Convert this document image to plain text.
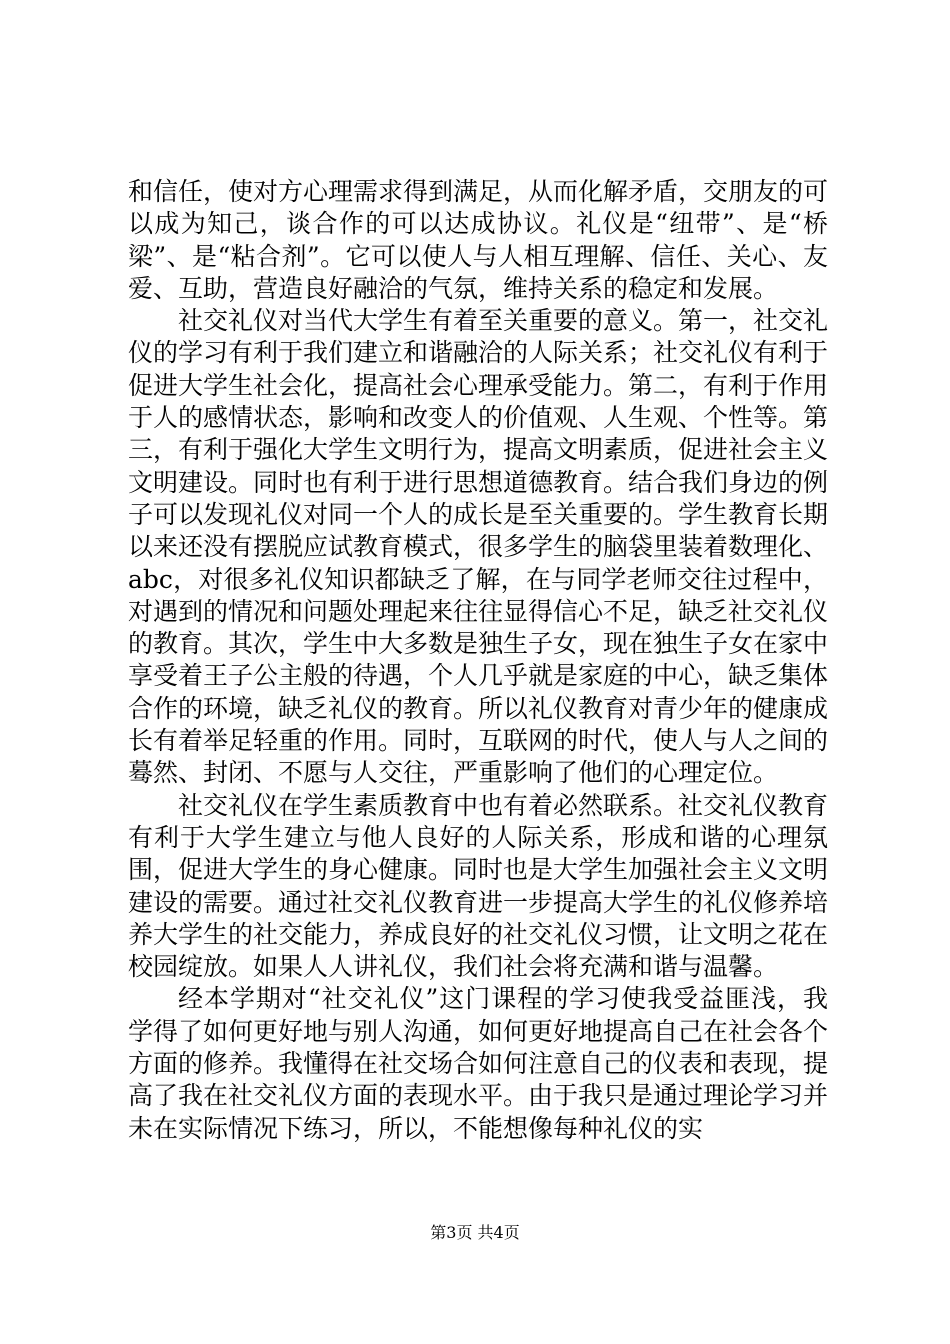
和信任，使对方心理需求得到满足，从而化解矛盾，交朋友的可以成为知己，谈合作的可以达成协议。礼仪是“纽带”、是“桥梁”、是“粘合剂”。它可以使人与人相互理解、信任、关心、友爱、互助，营造良好融洽的气氛，维持关系的稳定和发展。

社交礼仪对当代大学生有着至关重要的意义。第一，社交礼仪的学习有利于我们建立和谐融洽的人际关系；社交礼仪有利于促进大学生社会化，提高社会心理承受能力。第二，有利于作用于人的感情状态，影响和改变人的价值观、人生观、个性等。第三，有利于强化大学生文明行为，提高文明素质，促进社会主义文明建设。同时也有利于进行思想道德教育。结合我们身边的例子可以发现礼仪对同一个人的成长是至关重要的。学生教育长期以来还没有摆脱应试教育模式，很多学生的脑袋里装着数理化、abc，对很多礼仪知识都缺乏了解，在与同学老师交往过程中，对遇到的情况和问题处理起来往往显得信心不足，缺乏社交礼仪的教育。其次，学生中大多数是独生子女，现在独生子女在家中享受着王子公主般的待遇，个人几乎就是家庭的中心，缺乏集体合作的环境，缺乏礼仪的教育。所以礼仪教育对青少年的健康成长有着举足轻重的作用。同时，互联网的时代，使人与人之间的蓦然、封闭、不愿与人交往，严重影响了他们的心理定位。

社交礼仪在学生素质教育中也有着必然联系。社交礼仪教育有利于大学生建立与他人良好的人际关系，形成和谐的心理氛围，促进大学生的身心健康。同时也是大学生加强社会主义文明建设的需要。通过社交礼仪教育进一步提高大学生的礼仪修养培养大学生的社交能力，养成良好的社交礼仪习惯，让文明之花在校园绽放。如果人人讲礼仪，我们社会将充满和谐与温馨。

经本学期对“社交礼仪”这门课程的学习使我受益匪浅，我学得了如何更好地与别人沟通，如何更好地提高自己在社会各个方面的修养。我懂得在社交场合如何注意自己的仪表和表现，提高了我在社交礼仪方面的表现水平。由于我只是通过理论学习并未在实际情况下练习，所以，不能想像每种礼仪的实

第3页 共4页
